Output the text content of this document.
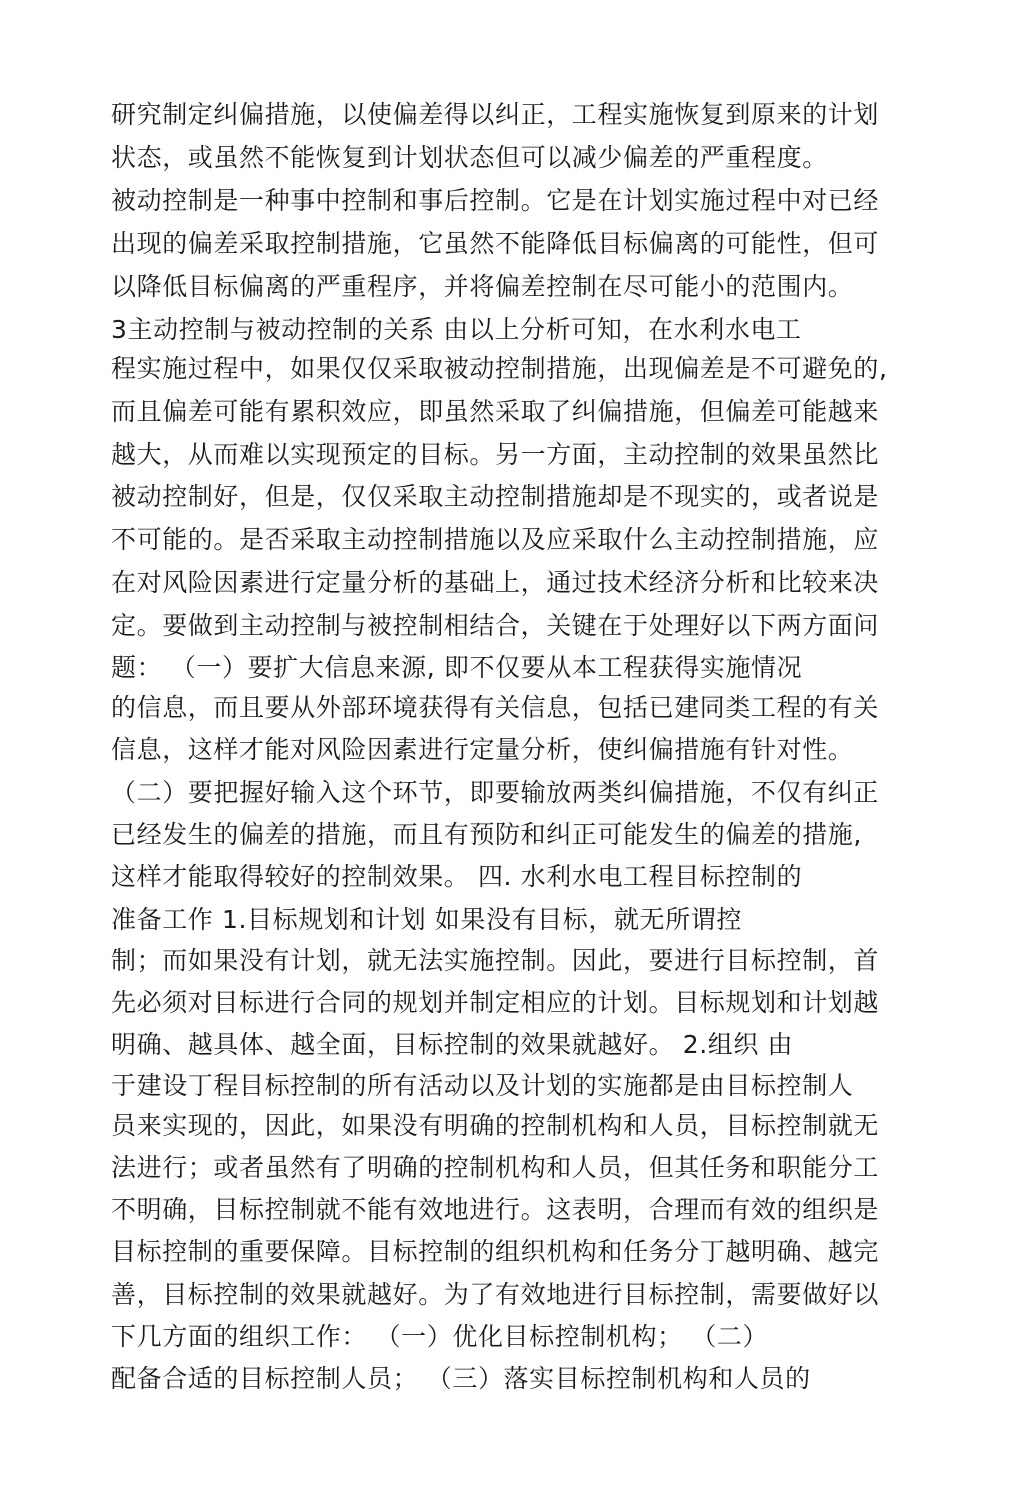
研究制定纠偏措施，以使偏差得以纠正，工程实施恢复到原来的计划
状态，或虽然不能恢复到计划状态但可以减少偏差的严重程度。
被动控制是一种事中控制和事后控制。它是在计划实施过程中对已经
出现的偏差采取控制措施，它虽然不能降低目标偏离的可能性，但可
以降低目标偏离的严重程序，并将偏差控制在尽可能小的范围内。
3主动控制与被动控制的关系 由以上分析可知，在水利水电工
程实施过程中，如果仅仅采取被动控制措施，出现偏差是不可避免的,
而且偏差可能有累积效应，即虽然采取了纠偏措施，但偏差可能越来
越大，从而难以实现预定的目标。另一方面，主动控制的效果虽然比
被动控制好，但是，仅仅采取主动控制措施却是不现实的，或者说是
不可能的。是否采取主动控制措施以及应采取什么主动控制措施，应
在对风险因素进行定量分析的基础上，通过技术经济分析和比较来决
定。要做到主动控制与被控制相结合，关键在于处理好以下两方面问
题： （一）要扩大信息来源, 即不仅要从本工程获得实施情况
的信息，而且要从外部环境获得有关信息，包括已建同类工程的有关
信息，这样才能对风险因素进行定量分析，使纠偏措施有针对性。
（二）要把握好输入这个环节，即要输放两类纠偏措施，不仅有纠正
已经发生的偏差的措施，而且有预防和纠正可能发生的偏差的措施,
这样才能取得较好的控制效果。 四. 水利水电工程目标控制的
准备工作 1.目标规划和计划 如果没有目标，就无所谓控
制；而如果没有计划，就无法实施控制。因此，要进行目标控制，首
先必须对目标进行合同的规划并制定相应的计划。目标规划和计划越
明确、越具体、越全面，目标控制的效果就越好。 2.组织 由
于建设丁程目标控制的所有活动以及计划的实施都是由目标控制人
员来实现的，因此，如果没有明确的控制机构和人员，目标控制就无
法进行；或者虽然有了明确的控制机构和人员，但其任务和职能分工
不明确，目标控制就不能有效地进行。这表明，合理而有效的组织是
目标控制的重要保障。目标控制的组织机构和任务分丁越明确、越完
善，目标控制的效果就越好。为了有效地进行目标控制，需要做好以
下几方面的组织工作： （一）优化目标控制机构； （二）
配备合适的目标控制人员； （三）落实目标控制机构和人员的
